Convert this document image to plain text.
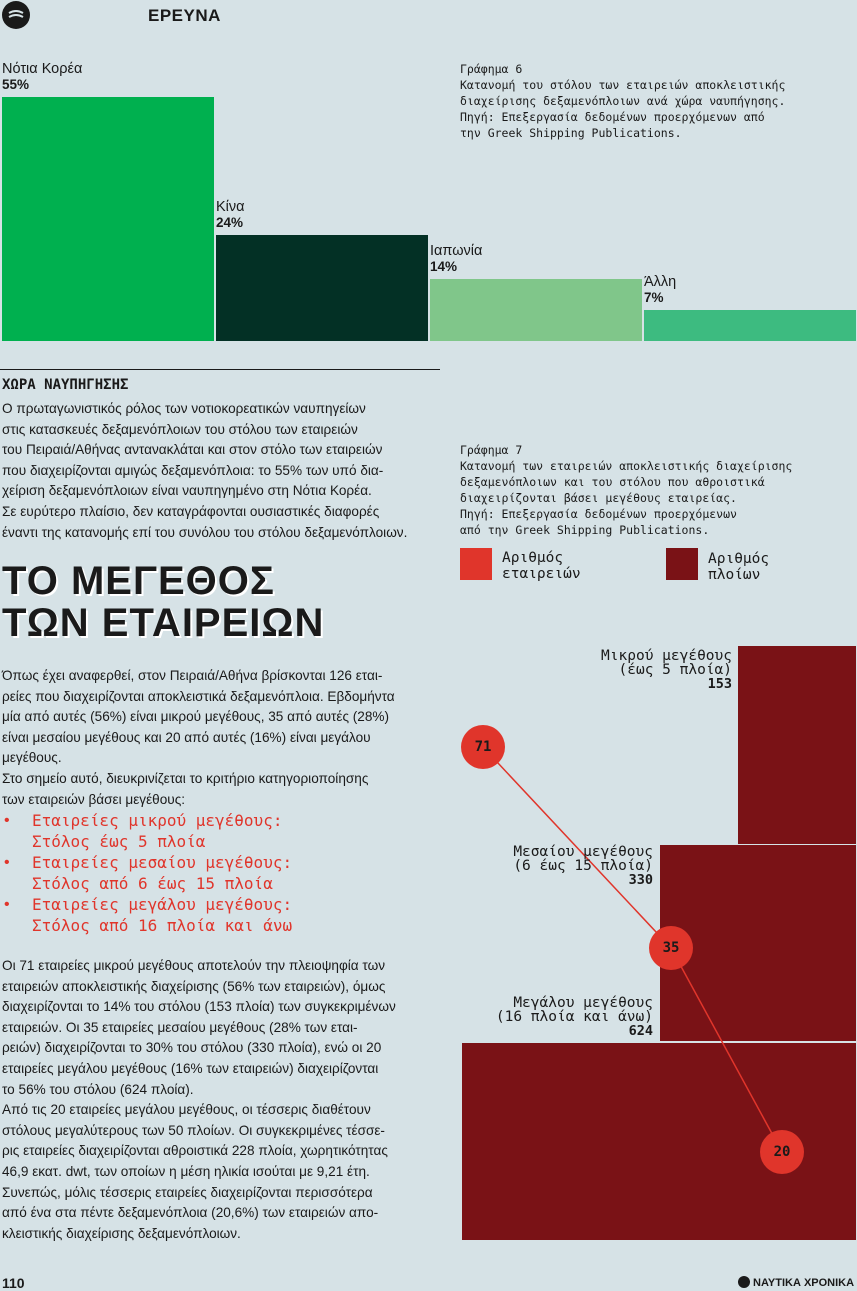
ΕΡΕΥΝΑ
Νότια Κορέα
55%
Κίνα
24%
Ιαπωνία
14%
Άλλη
7%
Γράφημα 6
Κατανομή του στόλου των εταιρειών αποκλειστικής
διαχείρισης δεξαμενόπλοιων ανά χώρα ναυπήγησης.
Πηγή: Επεξεργασία δεδομένων προερχόμενων από
την Greek Shipping Publications.
ΧΩΡΑ ΝΑΥΠΗΓΗΣΗΣ
Ο πρωταγωνιστικός ρόλος των νοτιοκορεατικών ναυπηγείων
στις κατασκευές δεξαμενόπλοιων του στόλου των εταιρειών
του Πειραιά/Αθήνας αντανακλάται και στον στόλο των εταιρειών
που διαχειρίζονται αμιγώς δεξαμενόπλοια: το 55% των υπό δια-
χείριση δεξαμενόπλοιων είναι ναυπηγημένο στη Νότια Κορέα.
Σε ευρύτερο πλαίσιο, δεν καταγράφονται ουσιαστικές διαφορές
έναντι της κατανομής επί του συνόλου του στόλου δεξαμενόπλοιων.
ΤΟ ΜΕΓΕΘΟΣ
ΤΩΝ ΕΤΑΙΡΕΙΩΝ
Όπως έχει αναφερθεί, στον Πειραιά/Αθήνα βρίσκονται 126 εται-
ρείες που διαχειρίζονται αποκλειστικά δεξαμενόπλοια. Εβδομήντα
μία από αυτές (56%) είναι μικρού μεγέθους, 35 από αυτές (28%)
είναι μεσαίου μεγέθους και 20 από αυτές (16%) είναι μεγάλου
μεγέθους.
Στο σημείο αυτό, διευκρινίζεται το κριτήριο κατηγοριοποίησης
των εταιρειών βάσει μεγέθους:
• Εταιρείες μικρού μεγέθους:
Στόλος έως 5 πλοία
• Εταιρείες μεσαίου μεγέθους:
Στόλος από 6 έως 15 πλοία
• Εταιρείες μεγάλου μεγέθους:
Στόλος από 16 πλοία και άνω
Οι 71 εταιρείες μικρού μεγέθους αποτελούν την πλειοψηφία των
εταιρειών αποκλειστικής διαχείρισης (56% των εταιρειών), όμως
διαχειρίζονται το 14% του στόλου (153 πλοία) των συγκεκριμένων
εταιρειών. Οι 35 εταιρείες μεσαίου μεγέθους (28% των εται-
ρειών) διαχειρίζονται το 30% του στόλου (330 πλοία), ενώ οι 20
εταιρείες μεγάλου μεγέθους (16% των εταιρειών) διαχειρίζονται
το 56% του στόλου (624 πλοία).
Από τις 20 εταιρείες μεγάλου μεγέθους, οι τέσσερις διαθέτουν
στόλους μεγαλύτερους των 50 πλοίων. Οι συγκεκριμένες τέσσε-
ρις εταιρείες διαχειρίζονται αθροιστικά 228 πλοία, χωρητικότητας
46,9 εκατ. dwt, των οποίων η μέση ηλικία ισούται με 9,21 έτη.
Συνεπώς, μόλις τέσσερις εταιρείες διαχειρίζονται περισσότερα
από ένα στα πέντε δεξαμενόπλοια (20,6%) των εταιρειών απο-
κλειστικής διαχείρισης δεξαμενόπλοιων.
Γράφημα 7
Κατανομή των εταιρειών αποκλειστικής διαχείρισης
δεξαμενόπλοιων και του στόλου που αθροιστικά
διαχειρίζονται βάσει μεγέθους εταιρείας.
Πηγή: Επεξεργασία δεδομένων προερχόμενων
από την Greek Shipping Publications.
Αριθμός
εταιρειών
Αριθμός
πλοίων
Μικρού μεγέθους
(έως 5 πλοία)
153
Μεσαίου μεγέθους
(6 έως 15 πλοία)
330
Μεγάλου μεγέθους
(16 πλοία και άνω)
624
71
35
20
110	ΝΑΥΤΙΚΑ ΧΡΟΝΙΚΑ
